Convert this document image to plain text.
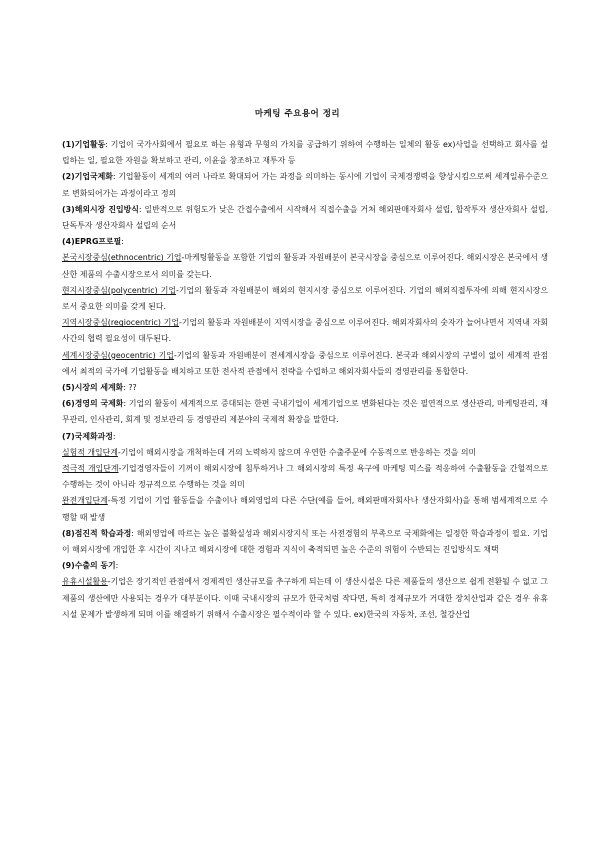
마케팅 주요용어 정리

(1)기업활동: 기업이 국가사회에서 필요로 하는 유형과 무형의 가치를 공급하기 위하여 수행하는 일체의 활동 ex)사업을 선택하고 회사를 설립하는 일, 필요한 자원을 확보하고 관리, 이윤을 창조하고 재투자 등

(2)기업국제화: 기업활동이 세계의 여러 나라로 확대되어 가는 과정을 의미하는 동시에 기업이 국제경쟁력을 향상시킴으로써 세계일류수준으로 변화되어가는 과정이라고 정의

(3)해외시장 진입방식: 일반적으로 위험도가 낮은 간접수출에서 시작해서 직접수출을 거쳐 해외판매자회사 설립, 합작투자 생산자회사 설립, 단독투자 생산자회사 설립의 순서

(4)EPRG프로필:

본국시장중심(ethnocentric) 기업-마케팅활동을 포함한 기업의 활동과 자원배분이 본국시장을 중심으로 이루어진다. 해외시장은 본국에서 생산한 제품의 수출시장으로서 의미를 갖는다.

현지시장중심(polycentric) 기업-기업의 활동과 자원배분이 해외의 현지시장 중심으로 이루어진다. 기업의 해외직접투자에 의해 현지시장으로서 중요한 의미를 갖게 된다.

지역시장중심(regiocentric) 기업-기업의 활동과 자원배분이 지역시장을 중심으로 이루어진다. 해외자회사의 숫자가 늘어나면서 지역내 자회사간의 협력 필요성이 대두된다.

세계시장중심(geocentric) 기업-기업의 활동과 자원배분이 전세계시장을 중심으로 이루어진다. 본국과 해외시장의 구별이 없이 세계적 관점에서 최적의 국가에 기업활동을 배치하고 또한 전사적 관점에서 전략을 수립하고 해외자회사들의 경영관리를 통합한다.

(5)시장의 세계화: ??

(6)경영의 국제화: 기업의 활동이 세계적으로 증대되는 한편 국내기업이 세계기업으로 변화된다는 것은 필연적으로 생산관리, 마케팅관리, 재무관리, 인사관리, 회계 및 정보관리 등 경영관리 제분야의 국제적 확장을 말한다.

(7)국제화과정:

실험적 개입단계-기업이 해외시장을 개척하는데 거의 노력하지 않으며 우연한 수출주문에 수동적으로 반응하는 것을 의미

적극적 개입단계-기업경영자들이 기꺼이 해외시장에 침투하거나 그 해외시장의 특정 욕구에 마케팅 믹스를 적응하여 수출활동을 간헐적으로 수행하는 것이 아니라 정규적으로 수행하는 것을 의미

완전개입단계-특정 기업이 기업 활동들을 수출이나 해외영업의 다른 수단(예를 들어, 해외판매자회사나 생산자회사)을 통해 범세계적으로 수행할 때 발생

(8)점진적 학습과정: 해외영업에 따르는 높은 불확실성과 해외시장지식 또는 사전경험의 부족으로 국제화에는 일정한 학습과정이 필요. 기업이 해외시장에 개입한 후 시간이 지나고 해외시장에 대한 경험과 지식이 축적되면 높은 수준의 위험이 수반되는 진입방식도 채택

(9)수출의 동기:

유휴시설활용-기업은 장기적인 관점에서 경제적인 생산규모를 추구하게 되는데 이 생산시설은 다른 제품들의 생산으로 쉽게 전환될 수 없고 그 제품의 생산에만 사용되는 경우가 대부분이다. 이때 국내시장의 규모가 한국처럼 작다면, 특히 경제규모가 거대한 장치산업과 같은 경우 유휴시설 문제가 발생하게 되며 이를 해결하기 위해서 수출시장은 필수적이라 할 수 있다. ex)한국의 자동차, 조선, 철강산업
